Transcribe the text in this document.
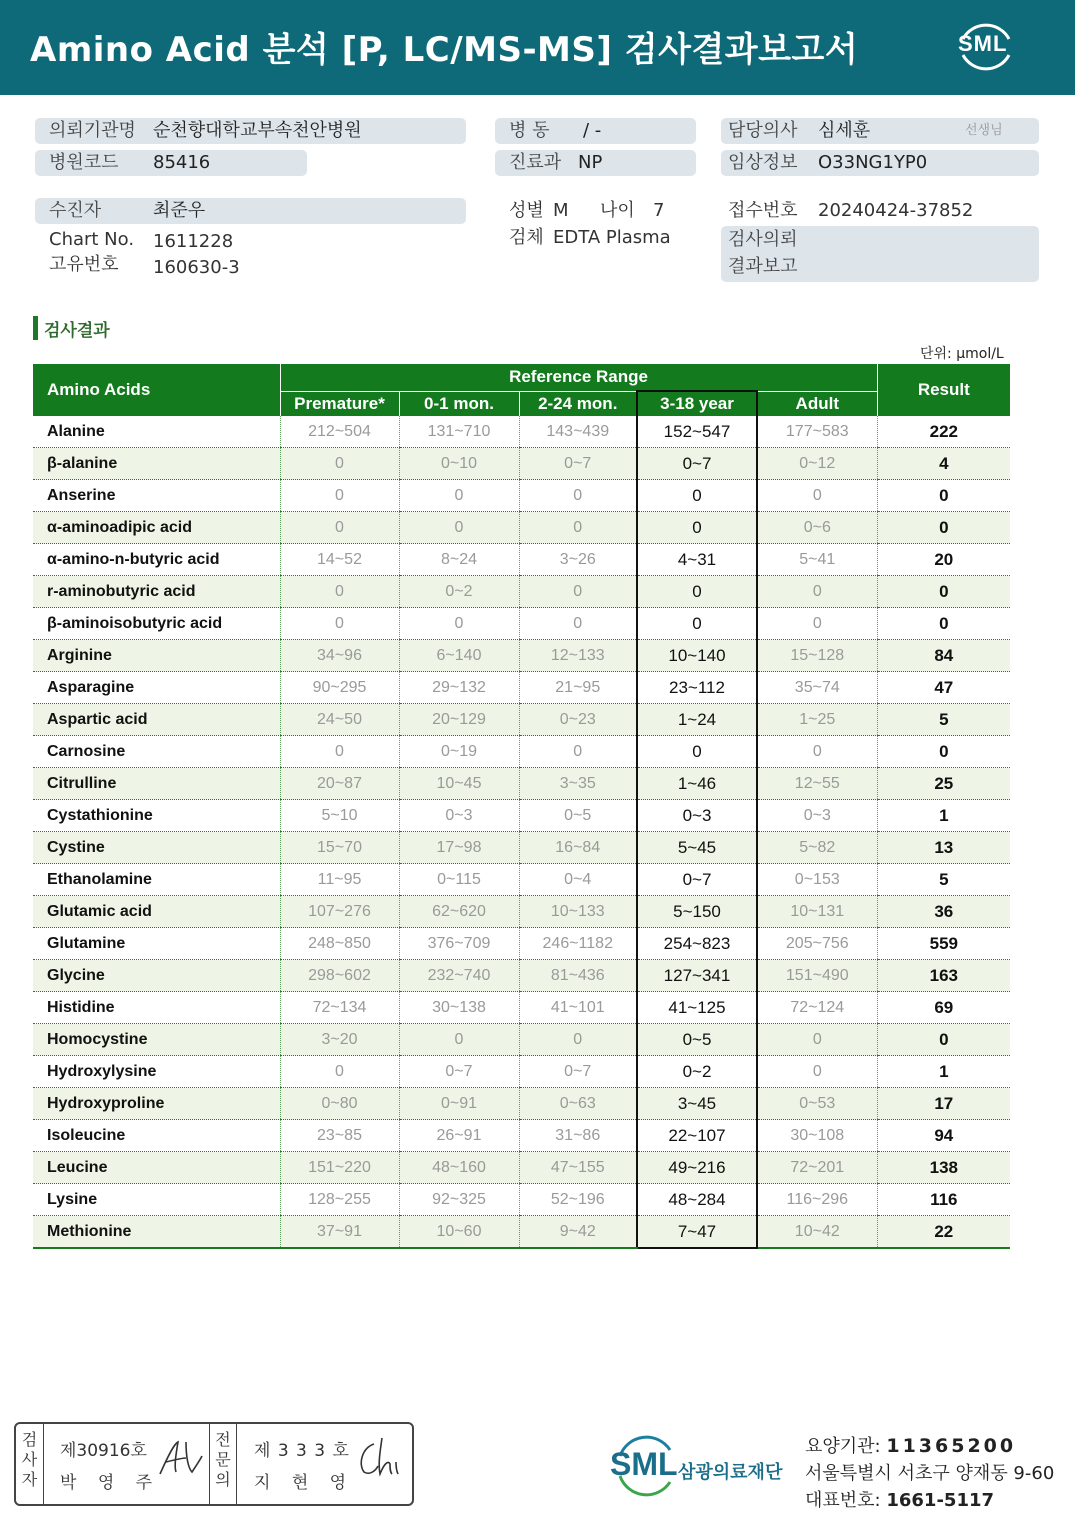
Amino Acid 분석 [P, LC/MS-MS] 검사결과보고서	SML
의뢰기관명 순천향대학교부속천안병원
병원코드 85416
병 동 / -
진료과 NP
담당의사 심세훈	선생님
임상정보 O33NG1YP0
수진자	최준우
Chart No. 1611228
고유번호 160630-3
성별 M 나이 7
검체 EDTA Plasma
접수번호 20240424-37852
검사의뢰
결과보고
검사결과
단위: μmol/L
Amino Acids	Reference Range					Result
	Premature*	0-1 mon.	2-24 mon.	3-18 year	Adult	
Alanine	212~504	131~710	143~439	152~547	177~583	222
β-alanine	0	0~10	0~7	0~7	0~12	4
Anserine	0	0	0	0	0	0
α-aminoadipic acid	0	0	0	0	0~6	0
α-amino-n-butyric acid	14~52	8~24	3~26	4~31	5~41	20
r-aminobutyric acid	0	0~2	0	0	0	0
β-aminoisobutyric acid	0	0	0	0	0	0
Arginine	34~96	6~140	12~133	10~140	15~128	84
Asparagine	90~295	29~132	21~95	23~112	35~74	47
Aspartic acid	24~50	20~129	0~23	1~24	1~25	5
Carnosine	0	0~19	0	0	0	0
Citrulline	20~87	10~45	3~35	1~46	12~55	25
Cystathionine	5~10	0~3	0~5	0~3	0~3	1
Cystine	15~70	17~98	16~84	5~45	5~82	13
Ethanolamine	11~95	0~115	0~4	0~7	0~153	5
Glutamic acid	107~276	62~620	10~133	5~150	10~131	36
Glutamine	248~850	376~709	246~1182	254~823	205~756	559
Glycine	298~602	232~740	81~436	127~341	151~490	163
Histidine	72~134	30~138	41~101	41~125	72~124	69
Homocystine	3~20	0	0	0~5	0	0
Hydroxylysine	0	0~7	0~7	0~2	0	1
Hydroxyproline	0~80	0~91	0~63	3~45	0~53	17
Isoleucine	23~85	26~91	31~86	22~107	30~108	94
Leucine	151~220	48~160	47~155	49~216	72~201	138
Lysine	128~255	92~325	52~196	48~284	116~296	116
Methionine	37~91	10~60	9~42	7~47	10~42	22
검
사
자
제30916호
박 영 주
전
문
의
제 3 3 3 호
지 현 영
SML 삼광의료재단
요양기관: 11365200
서울특별시 서초구 양재동 9-60
대표번호: 1661-5117
